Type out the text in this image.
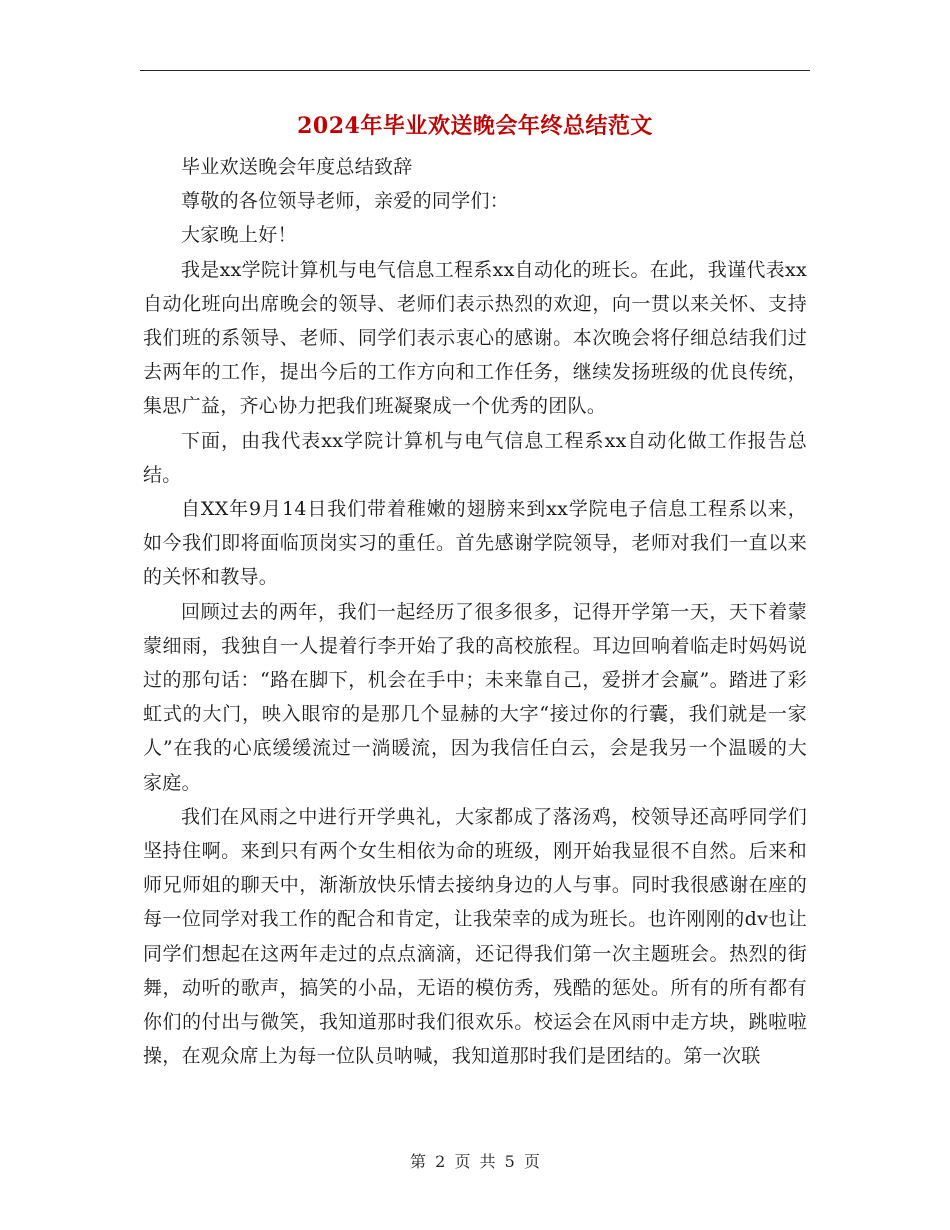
2024年毕业欢送晚会年终总结范文

毕业欢送晚会年度总结致辞

尊敬的各位领导老师，亲爱的同学们：

大家晚上好！

我是xx学院计算机与电气信息工程系xx自动化的班长。在此，我谨代表xx自动化班向出席晚会的领导、老师们表示热烈的欢迎，向一贯以来关怀、支持我们班的系领导、老师、同学们表示衷心的感谢。本次晚会将仔细总结我们过去两年的工作，提出今后的工作方向和工作任务，继续发扬班级的优良传统，集思广益，齐心协力把我们班凝聚成一个优秀的团队。

下面，由我代表xx学院计算机与电气信息工程系xx自动化做工作报告总结。

自XX年9月14日我们带着稚嫩的翅膀来到xx学院电子信息工程系以来，如今我们即将面临顶岗实习的重任。首先感谢学院领导，老师对我们一直以来的关怀和教导。

回顾过去的两年，我们一起经历了很多很多，记得开学第一天，天下着蒙蒙细雨，我独自一人提着行李开始了我的高校旅程。耳边回响着临走时妈妈说过的那句话：“路在脚下，机会在手中；未来靠自己，爱拼才会赢”。踏进了彩虹式的大门，映入眼帘的是那几个显赫的大字“接过你的行囊，我们就是一家人”在我的心底缓缓流过一淌暖流，因为我信任白云，会是我另一个温暖的大家庭。

我们在风雨之中进行开学典礼，大家都成了落汤鸡，校领导还高呼同学们坚持住啊。来到只有两个女生相依为命的班级，刚开始我显很不自然。后来和师兄师姐的聊天中，渐渐放快乐情去接纳身边的人与事。同时我很感谢在座的每一位同学对我工作的配合和肯定，让我荣幸的成为班长。也许刚刚的dv也让同学们想起在这两年走过的点点滴滴，还记得我们第一次主题班会。热烈的街舞，动听的歌声，搞笑的小品，无语的模仿秀，残酷的惩处。所有的所有都有你们的付出与微笑，我知道那时我们很欢乐。校运会在风雨中走方块，跳啦啦操，在观众席上为每一位队员呐喊，我知道那时我们是团结的。第一次联

第 2 页 共 5 页
